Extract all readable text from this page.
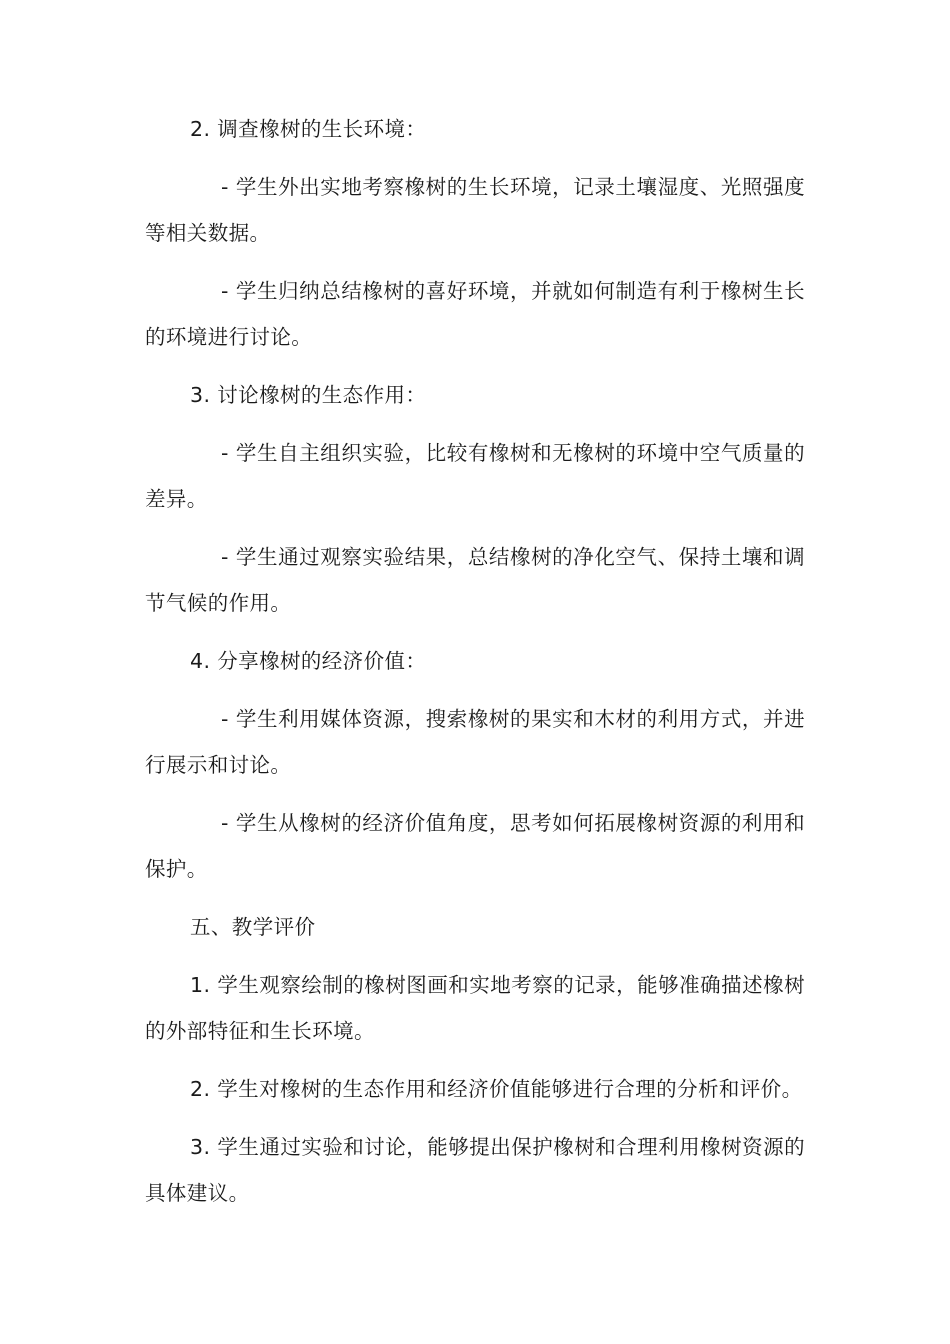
2. 调查橡树的生长环境：

- 学生外出实地考察橡树的生长环境，记录土壤湿度、光照强度等相关数据。

- 学生归纳总结橡树的喜好环境，并就如何制造有利于橡树生长的环境进行讨论。

3. 讨论橡树的生态作用：

- 学生自主组织实验，比较有橡树和无橡树的环境中空气质量的差异。

- 学生通过观察实验结果，总结橡树的净化空气、保持土壤和调节气候的作用。

4. 分享橡树的经济价值：

- 学生利用媒体资源，搜索橡树的果实和木材的利用方式，并进行展示和讨论。

- 学生从橡树的经济价值角度，思考如何拓展橡树资源的利用和保护。

五、教学评价

1. 学生观察绘制的橡树图画和实地考察的记录，能够准确描述橡树的外部特征和生长环境。

2. 学生对橡树的生态作用和经济价值能够进行合理的分析和评价。

3. 学生通过实验和讨论，能够提出保护橡树和合理利用橡树资源的具体建议。
